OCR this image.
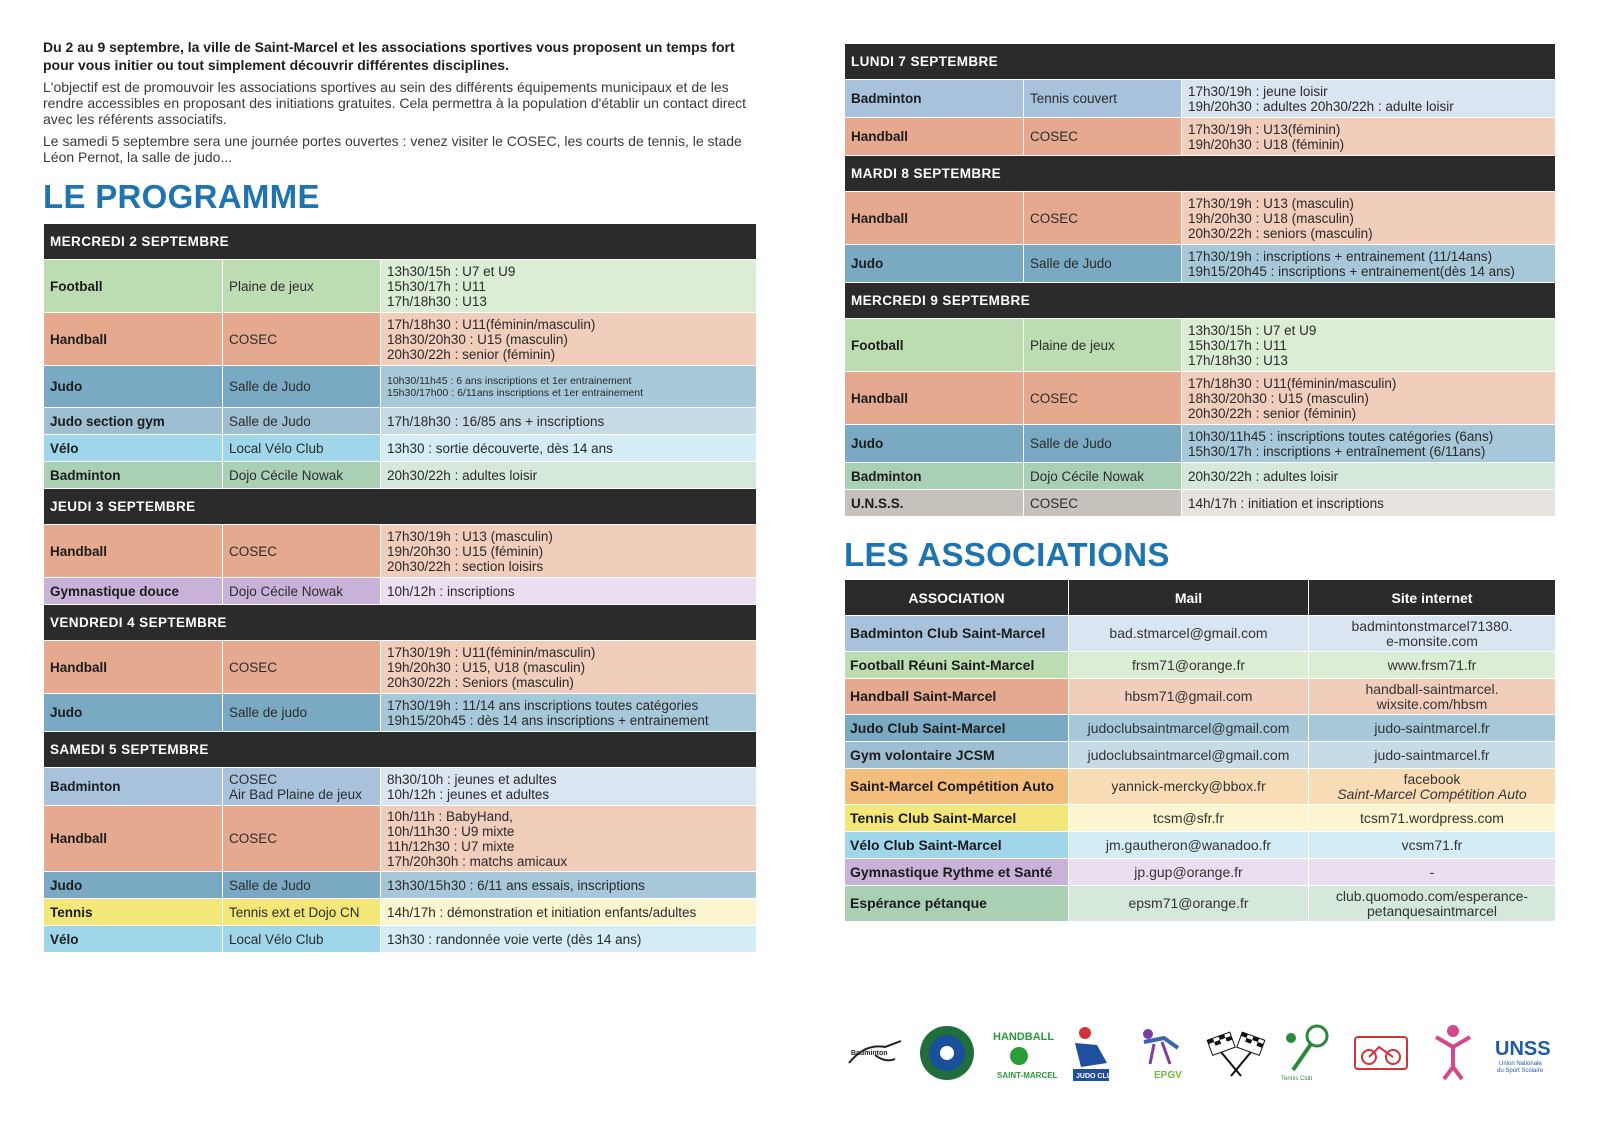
Du 2 au 9 septembre, la ville de Saint-Marcel et les associations sportives vous proposent un temps fort pour vous initier ou tout simplement découvrir différentes disciplines.

L'objectif est de promouvoir les associations sportives au sein des différents équipements municipaux et de les rendre accessibles en proposant des initiations gratuites. Cela permettra à la population d'établir un contact direct avec les référents associatifs.

Le samedi 5 septembre sera une journée portes ouvertes : venez visiter le COSEC, les courts de tennis, le stade Léon Pernot, la salle de judo...

LE PROGRAMME
MERCREDI 2 SEPTEMBRE		
Football	Plaine de jeux	13h30/15h : U7 et U9
15h30/17h : U11
17h/18h30 : U13

Handball	COSEC	17h/18h30 : U11(féminin/masculin)
18h30/20h30 : U15 (masculin)
20h30/22h : senior (féminin)

Judo	Salle de Judo	10h30/11h45 : 6 ans inscriptions et 1er entrainement
15h30/17h00 : 6/11ans inscriptions et 1er entrainement

Judo section gym	Salle de Judo	17h/18h30 : 16/85 ans + inscriptions

Vélo	Local Vélo Club	13h30 : sortie découverte, dès 14 ans

Badminton	Dojo Cécile Nowak	20h30/22h : adultes loisir

JEUDI 3 SEPTEMBRE		
Handball	COSEC	17h30/19h : U13 (masculin)
19h/20h30 : U15 (féminin)
20h30/22h : section loisirs

Gymnastique douce	Dojo Cécile Nowak	10h/12h : inscriptions

VENDREDI 4 SEPTEMBRE		
Handball	COSEC	17h30/19h : U11(féminin/masculin)
19h/20h30 : U15, U18 (masculin)
20h30/22h : Seniors (masculin)

Judo	Salle de judo	17h30/19h : 11/14 ans inscriptions toutes catégories
19h15/20h45 : dès 14 ans inscriptions + entrainement

SAMEDI 5 SEPTEMBRE		
Badminton	COSEC
Air Bad Plaine de jeux	8h30/10h : jeunes et adultes
10h/12h : jeunes et adultes

Handball	COSEC	10h/11h : BabyHand,
10h/11h30 : U9 mixte
11h/12h30 : U7 mixte
17h/20h30h : matchs amicaux

Judo	Salle de Judo	13h30/15h30 : 6/11 ans essais, inscriptions

Tennis	Tennis ext et Dojo CN	14h/17h : démonstration et initiation enfants/adultes

Vélo	Local Vélo Club	13h30 : randonnée voie verte (dès 14 ans)
LUNDI 7 SEPTEMBRE		
Badminton	Tennis couvert	17h30/19h : jeune loisir
19h/20h30 : adultes 20h30/22h : adulte loisir

Handball	COSEC	17h30/19h : U13(féminin)
19h/20h30 : U18 (féminin)

MARDI 8 SEPTEMBRE		
Handball	COSEC	17h30/19h : U13 (masculin)
19h/20h30 : U18 (masculin)
20h30/22h : seniors (masculin)

Judo	Salle de Judo	17h30/19h : inscriptions + entrainement (11/14ans)
19h15/20h45 : inscriptions + entrainement(dès 14 ans)

MERCREDI 9 SEPTEMBRE		
Football	Plaine de jeux	13h30/15h : U7 et U9
15h30/17h : U11
17h/18h30 : U13

Handball	COSEC	17h/18h30 : U11(féminin/masculin)
18h30/20h30 : U15 (masculin)
20h30/22h : senior (féminin)

Judo	Salle de Judo	10h30/11h45 : inscriptions toutes catégories (6ans)
15h30/17h : inscriptions + entraînement (6/11ans)

Badminton	Dojo Cécile Nowak	20h30/22h : adultes loisir

U.N.S.S.	COSEC	14h/17h : initiation et inscriptions
LES ASSOCIATIONS
ASSOCIATION	Mail	Site internet
Badminton Club Saint-Marcel	bad.stmarcel@gmail.com	badmintonstmarcel71380.
e-monsite.com

Football Réuni Saint-Marcel	frsm71@orange.fr	www.frsm71.fr

Handball Saint-Marcel	hbsm71@gmail.com	handball-saintmarcel.
wixsite.com/hbsm

Judo Club Saint-Marcel	judoclubsaintmarcel@gmail.com	judo-saintmarcel.fr

Gym volontaire JCSM	judoclubsaintmarcel@gmail.com	judo-saintmarcel.fr

Saint-Marcel Compétition Auto	yannick-mercky@bbox.fr	facebook
Saint-Marcel Compétition Auto

Tennis Club Saint-Marcel	tcsm@sfr.fr	tcsm71.wordpress.com

Vélo Club Saint-Marcel	jm.gautheron@wanadoo.fr	vcsm71.fr

Gymnastique Rythme et Santé	jp.gup@orange.fr	-

Espérance pétanque	epsm71@orange.fr	club.quomodo.com/esperance-
petanquesaintmarcel
Badminton
HANDBALL
SAINT-MARCEL	JUDO CLUB	EPGV	Tennis Club
UNSS
Union Nationale
du Sport Scolaire
